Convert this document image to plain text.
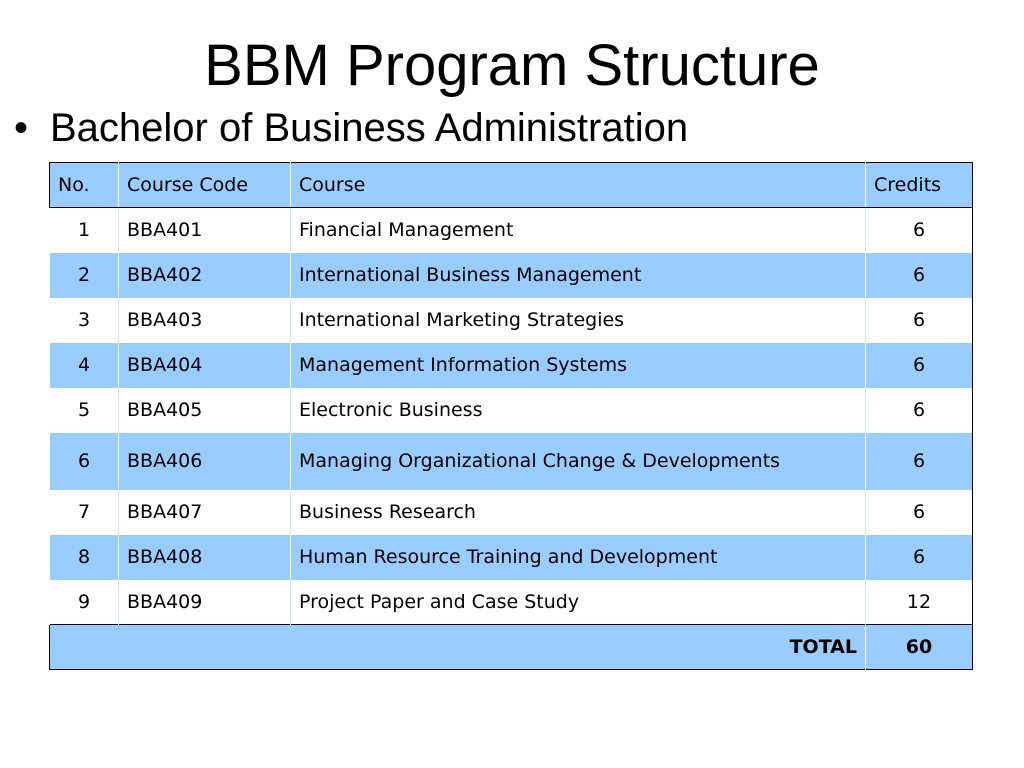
BBM Program Structure
• Bachelor of Business Administration
No.	Course Code	Course	Credits
1	BBA401	Financial Management	6
2	BBA402	International Business Management	6
3	BBA403	International Marketing Strategies	6
4	BBA404	Management Information Systems	6
5	BBA405	Electronic Business	6
6	BBA406	Managing Organizational Change & Developments	6
7	BBA407	Business Research	6
8	BBA408	Human Resource Training and Development	6
9	BBA409	Project Paper and Case Study	12
TOTAL			60
